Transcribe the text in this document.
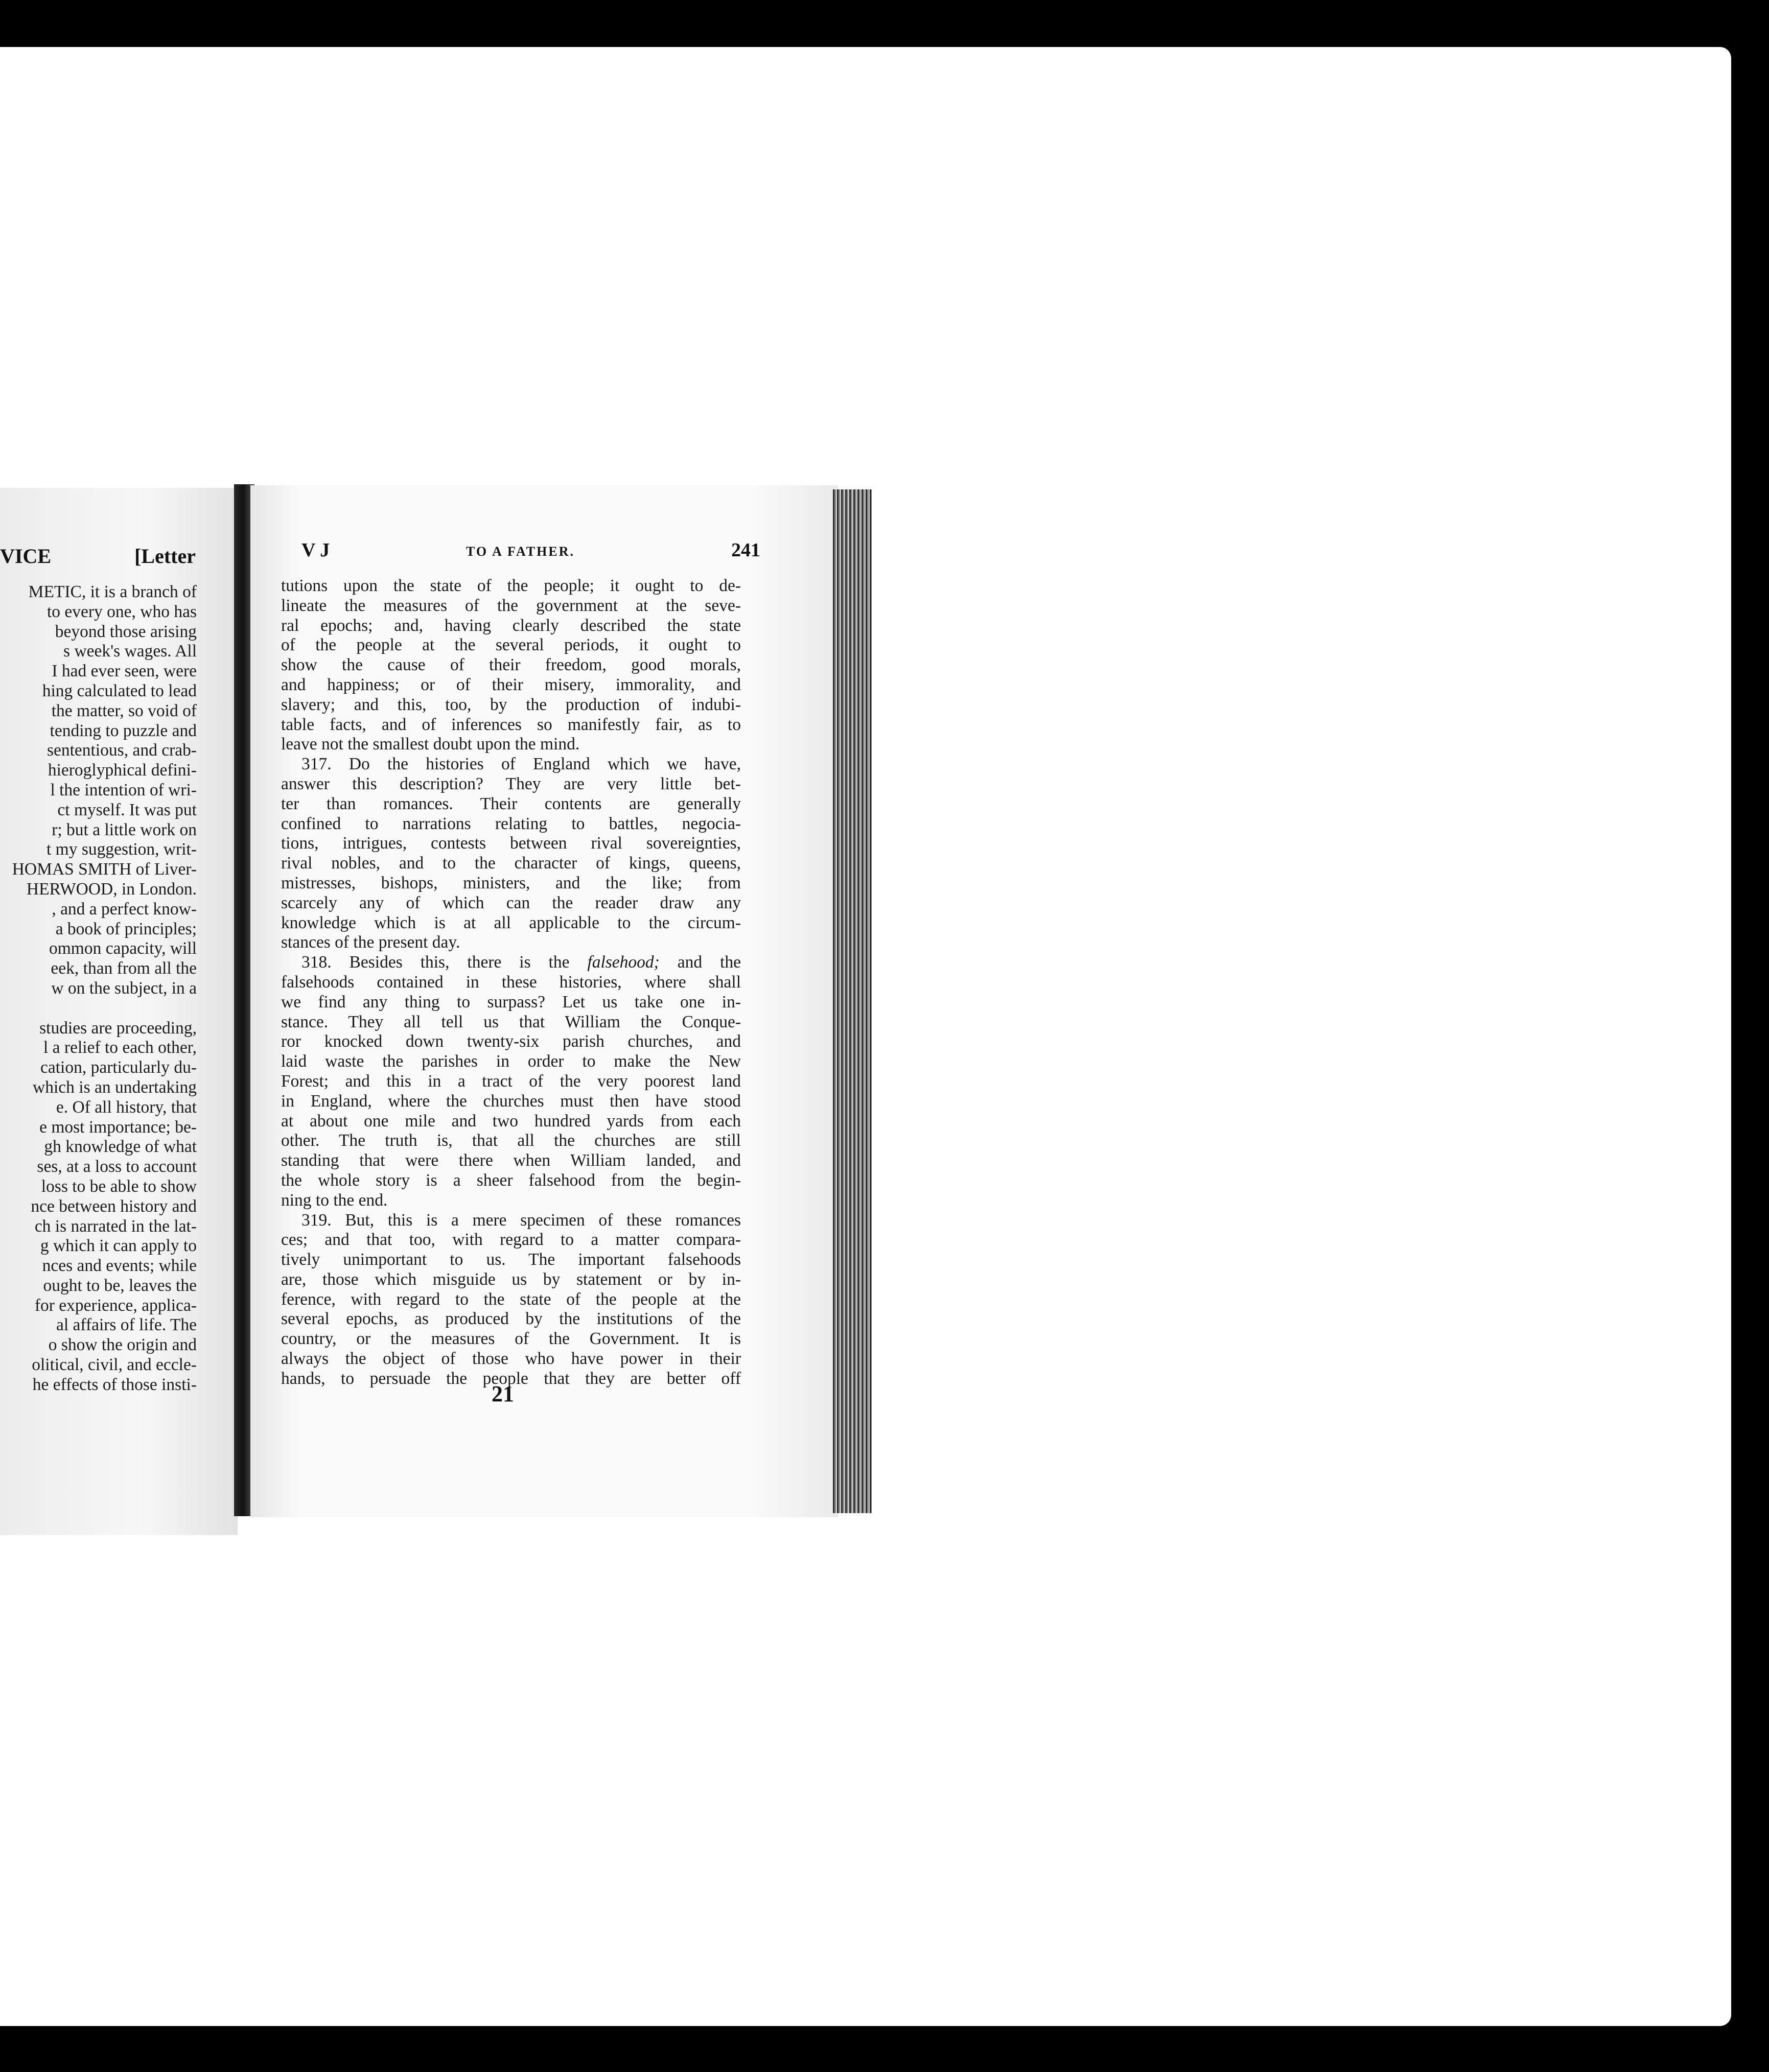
VICE	[Letter
METIC, it is a branch of
to every one, who has
beyond those arising
s week's wages. All
I had ever seen, were
hing calculated to lead
the matter, so void of
tending to puzzle and
sententious, and crab-
hieroglyphical defini-
l the intention of wri-
ct myself. It was put
r; but a little work on
t my suggestion, writ-
HOMAS SMITH of Liver-
HERWOOD, in London.
, and a perfect know-
a book of principles;
ommon capacity, will
eek, than from all the
w on the subject, in a

studies are proceeding,
l a relief to each other,
cation, particularly du-
which is an undertaking
e. Of all history, that
e most importance; be-
gh knowledge of what
ses, at a loss to account
loss to be able to show
nce between history and
ch is narrated in the lat-
g which it can apply to
nces and events; while
ought to be, leaves the
for experience, applica-
al affairs of life. The
o show the origin and
olitical, civil, and eccle-
he effects of those insti-
V J	TO A FATHER.	241
tutions upon the state of the people; it ought to de-
lineate the measures of the government at the seve-
ral epochs; and, having clearly described the state
of the people at the several periods, it ought to
show the cause of their freedom, good morals,
and happiness; or of their misery, immorality, and
slavery; and this, too, by the production of indubi-
table facts, and of inferences so manifestly fair, as to
leave not the smallest doubt upon the mind.
317. Do the histories of England which we have,
answer this description? They are very little bet-
ter than romances. Their contents are generally
confined to narrations relating to battles, negocia-
tions, intrigues, contests between rival sovereignties,
rival nobles, and to the character of kings, queens,
mistresses, bishops, ministers, and the like; from
scarcely any of which can the reader draw any
knowledge which is at all applicable to the circum-
stances of the present day.
318. Besides this, there is the falsehood; and the
falsehoods contained in these histories, where shall
we find any thing to surpass? Let us take one in-
stance. They all tell us that William the Conque-
ror knocked down twenty-six parish churches, and
laid waste the parishes in order to make the New
Forest; and this in a tract of the very poorest land
in England, where the churches must then have stood
at about one mile and two hundred yards from each
other. The truth is, that all the churches are still
standing that were there when William landed, and
the whole story is a sheer falsehood from the begin-
ning to the end.
319. But, this is a mere specimen of these romances
ces; and that too, with regard to a matter compara-
tively unimportant to us. The important falsehoods
are, those which misguide us by statement or by in-
ference, with regard to the state of the people at the
several epochs, as produced by the institutions of the
country, or the measures of the Government. It is
always the object of those who have power in their
hands, to persuade the people that they are better off
21
